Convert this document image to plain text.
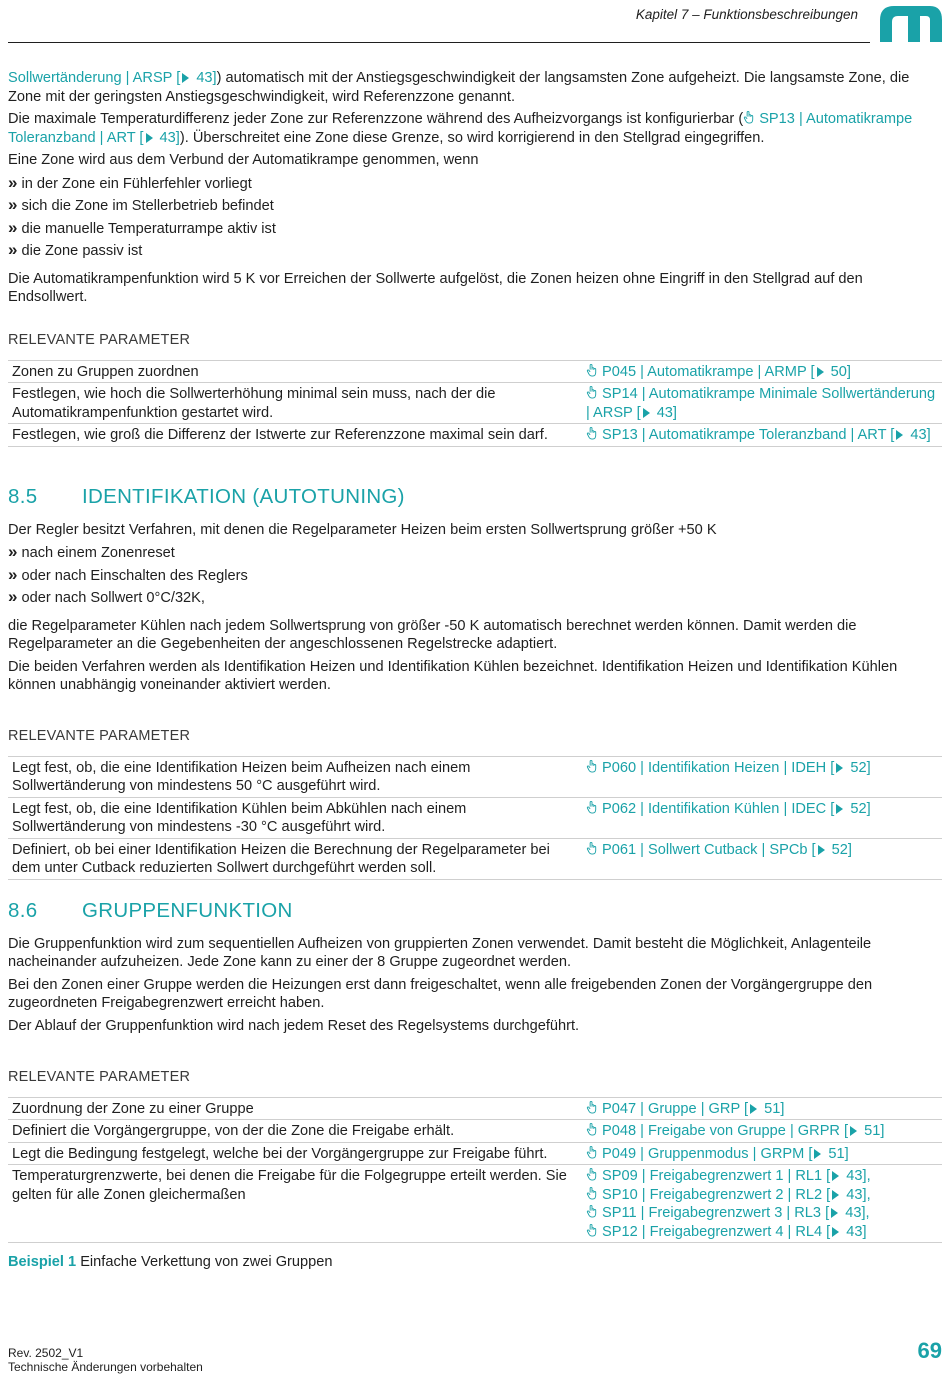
Kapitel 7 – Funktionsbeschreibungen

Sollwertänderung | ARSP [ 43]) automatisch mit der Anstiegsgeschwindigkeit der langsamsten Zone aufgeheizt. Die langsamste Zone, die Zone mit der geringsten Anstiegsgeschwindigkeit, wird Referenzzone genannt.

Die maximale Temperaturdifferenz jeder Zone zur Referenzzone während des Aufheizvorgangs ist konfigurierbar ( SP13 | Automatikrampe Toleranzband | ART [ 43]). Überschreitet eine Zone diese Grenze, so wird korrigierend in den Stellgrad eingegriffen.

Eine Zone wird aus dem Verbund der Automatikrampe genommen, wenn

» in der Zone ein Fühlerfehler vorliegt
» sich die Zone im Stellerbetrieb befindet
» die manuelle Temperaturrampe aktiv ist
» die Zone passiv ist

Die Automatikrampenfunktion wird 5 K vor Erreichen der Sollwerte aufgelöst, die Zonen heizen ohne Eingriff in den Stellgrad auf den Endsollwert.

RELEVANTE PARAMETER
Zonen zu Gruppen zuordnen	P045 | Automatikrampe | ARMP [ 50]
Festlegen, wie hoch die Sollwerterhöhung minimal sein muss, nach der die Automatikrampenfunktion gestartet wird.	SP14 | Automatikrampe Minimale Sollwertänderung | ARSP [ 43]
Festlegen, wie groß die Differenz der Istwerte zur Referenzzone maximal sein darf.	SP13 | Automatikrampe Toleranzband | ART [ 43]
8.5 IDENTIFIKATION (AUTOTUNING)

Der Regler besitzt Verfahren, mit denen die Regelparameter Heizen beim ersten Sollwertsprung größer +50 K

» nach einem Zonenreset
» oder nach Einschalten des Reglers
» oder nach Sollwert 0°C/32K,

die Regelparameter Kühlen nach jedem Sollwertsprung von größer -50 K automatisch berechnet werden können. Damit werden die Regelparameter an die Gegebenheiten der angeschlossenen Regelstrecke adaptiert.

Die beiden Verfahren werden als Identifikation Heizen und Identifikation Kühlen bezeichnet. Identifikation Heizen und Identifikation Kühlen können unabhängig voneinander aktiviert werden.

RELEVANTE PARAMETER
Legt fest, ob, die eine Identifikation Heizen beim Aufheizen nach einem Sollwertänderung von mindestens 50 °C ausgeführt wird.	P060 | Identifikation Heizen | IDEH [ 52]
Legt fest, ob, die eine Identifikation Kühlen beim Abkühlen nach einem Sollwertänderung von mindestens -30 °C ausgeführt wird.	P062 | Identifikation Kühlen | IDEC [ 52]
Definiert, ob bei einer Identifikation Heizen die Berechnung der Regelparameter bei dem unter Cutback reduzierten Sollwert durchgeführt werden soll.	P061 | Sollwert Cutback | SPCb [ 52]
8.6 GRUPPENFUNKTION

Die Gruppenfunktion wird zum sequentiellen Aufheizen von gruppierten Zonen verwendet. Damit besteht die Möglichkeit, Anlagenteile nacheinander aufzuheizen. Jede Zone kann zu einer der 8 Gruppe zugeordnet werden.

Bei den Zonen einer Gruppe werden die Heizungen erst dann freigeschaltet, wenn alle freigebenden Zonen der Vorgängergruppe den zugeordneten Freigabegrenzwert erreicht haben.

Der Ablauf der Gruppenfunktion wird nach jedem Reset des Regelsystems durchgeführt.

RELEVANTE PARAMETER
Zuordnung der Zone zu einer Gruppe	P047 | Gruppe | GRP [ 51]
Definiert die Vorgängergruppe, von der die Zone die Freigabe erhält.	P048 | Freigabe von Gruppe | GRPR [ 51]
Legt die Bedingung festgelegt, welche bei der Vorgängergruppe zur Freigabe führt.	P049 | Gruppenmodus | GRPM [ 51]
Temperaturgrenzwerte, bei denen die Freigabe für die Folgegruppe erteilt werden. Sie gelten für alle Zonen gleichermaßen	SP09 | Freigabegrenzwert 1 | RL1 [ 43],
SP10 | Freigabegrenzwert 2 | RL2 [ 43],
SP11 | Freigabegrenzwert 3 | RL3 [ 43],
SP12 | Freigabegrenzwert 4 | RL4 [ 43]

Beispiel 1 Einfache Verkettung von zwei Gruppen

Rev. 2502_V1
Technische Änderungen vorbehalten
69
